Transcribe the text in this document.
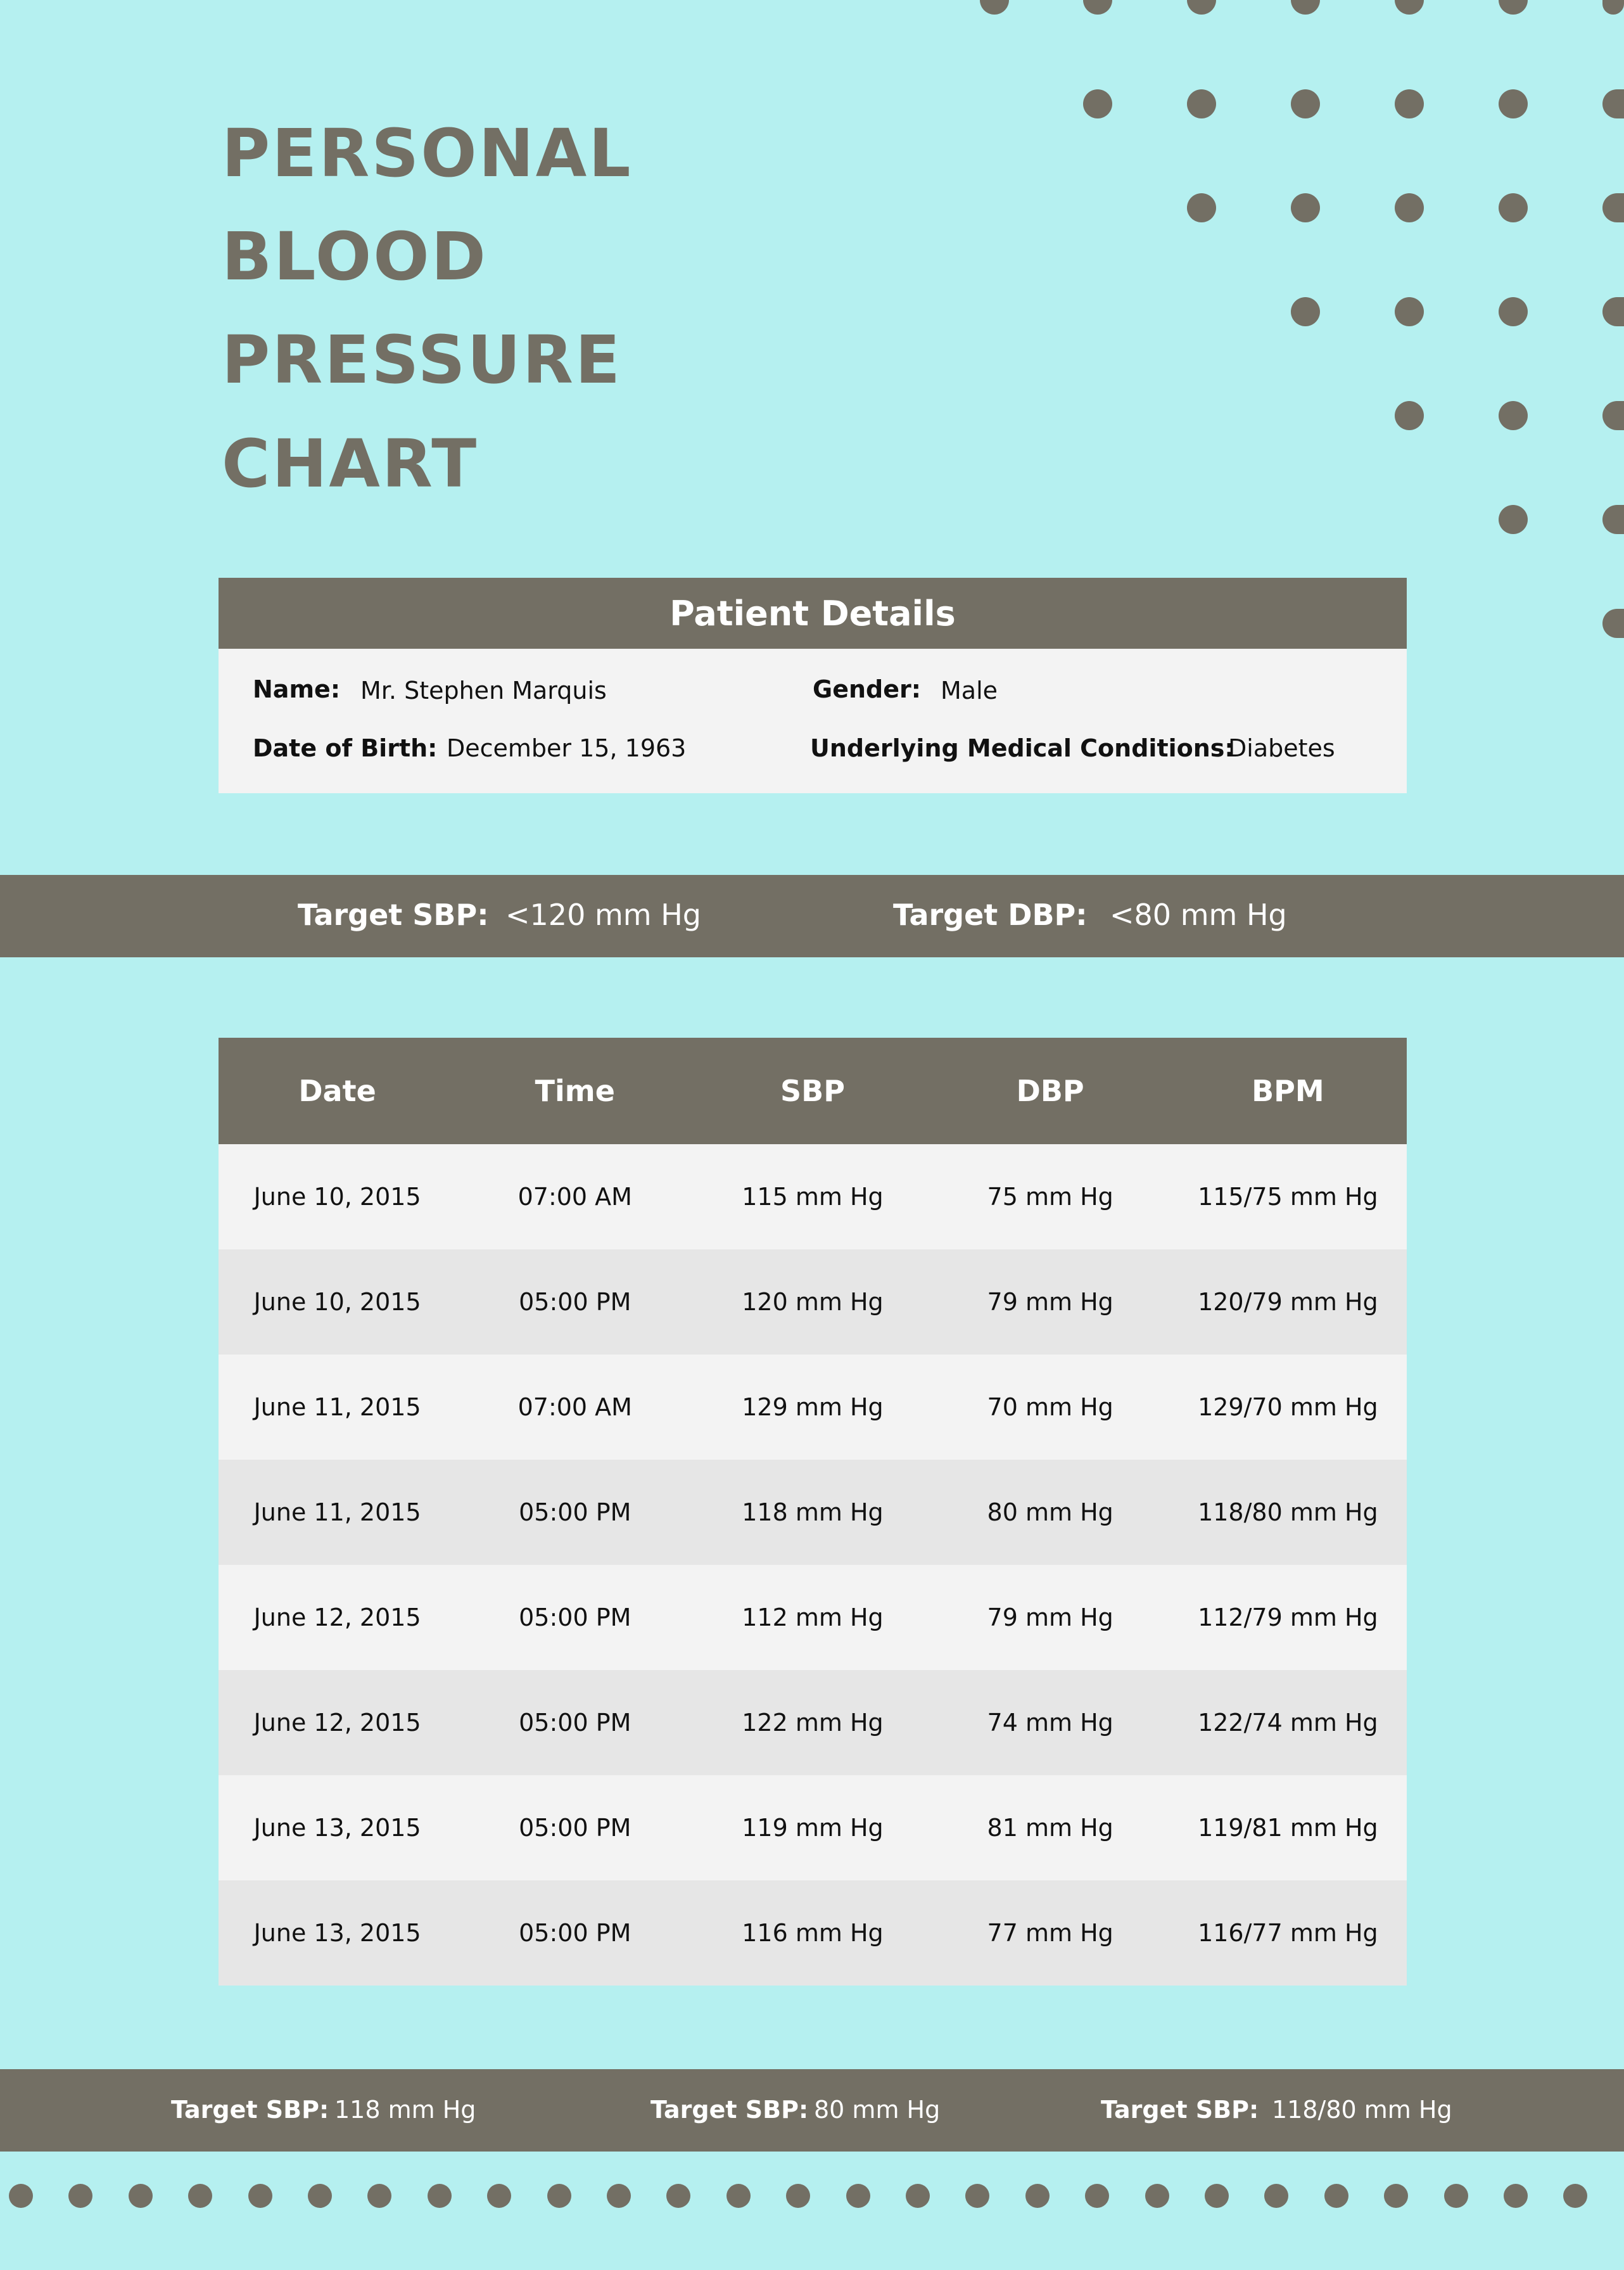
PERSONAL
BLOOD
PRESSURE
CHART
Patient Details
Name: Mr. Stephen Marquis	Gender: Male
Date of Birth: December 15, 1963	Underlying Medical Conditions:
Diabetes
Target SBP: <120 mm Hg	Target DBP: <80 mm Hg
Date	Time	SBP	DBP	BPM
June 10, 2015	07:00 AM	115 mm Hg	75 mm Hg	115/75 mm Hg
June 10, 2015	05:00 PM	120 mm Hg	79 mm Hg	120/79 mm Hg
June 11, 2015	07:00 AM	129 mm Hg	70 mm Hg	129/70 mm Hg
June 11, 2015	05:00 PM	118 mm Hg	80 mm Hg	118/80 mm Hg
June 12, 2015	05:00 PM	112 mm Hg	79 mm Hg	112/79 mm Hg
June 12, 2015	05:00 PM	122 mm Hg	74 mm Hg	122/74 mm Hg
June 13, 2015	05:00 PM	119 mm Hg	81 mm Hg	119/81 mm Hg
June 13, 2015	05:00 PM	116 mm Hg	77 mm Hg	116/77 mm Hg
Target SBP: 118 mm Hg	Target SBP: 80 mm Hg	Target SBP: 118/80 mm Hg
